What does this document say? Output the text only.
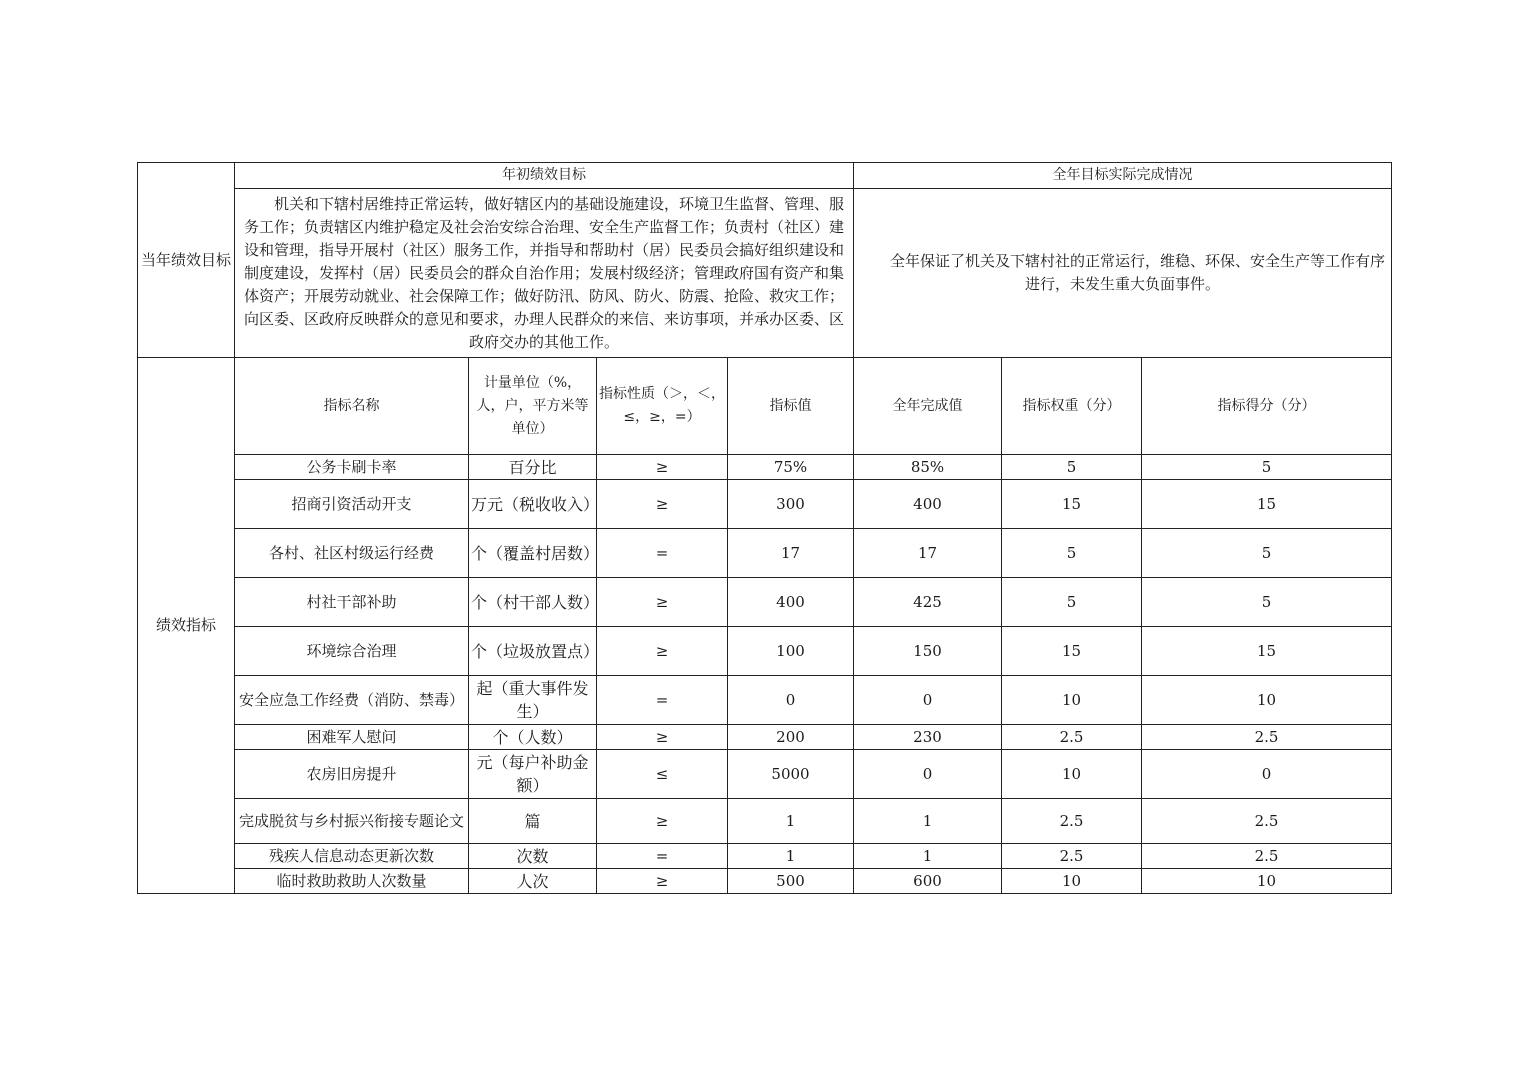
当年绩效目标	年初绩效目标				全年目标实际完成情况		
	机关和下辖村居维持正常运转，做好辖区内的基础设施建设，环境卫生监督、管理、服务工作；负责辖区内维护稳定及社会治安综合治理、安全生产监督工作；负责村（社区）建设和管理，指导开展村（社区）服务工作，并指导和帮助村（居）民委员会搞好组织建设和制度建设，发挥村（居）民委员会的群众自治作用；发展村级经济；管理政府国有资产和集体资产；开展劳动就业、社会保障工作；做好防汛、防风、防火、防震、抢险、救灾工作；向区委、区政府反映群众的意见和要求，办理人民群众的来信、来访事项，并承办区委、区政府交办的其他工作。				全年保证了机关及下辖村社的正常运行，维稳、环保、安全生产等工作有序进行，未发生重大负面事件。		
绩效指标	指标名称	计量单位（%，人，户，平方米等单位）	指标性质（＞，＜，≤，≥，=）	指标值	全年完成值	指标权重（分）	指标得分（分）
	公务卡刷卡率	百分比	≥	75%	85%	5	5
	招商引资活动开支	万元（税收收入）	≥	300	400	15	15
	各村、社区村级运行经费	个（覆盖村居数）	=	17	17	5	5
	村社干部补助	个（村干部人数）	≥	400	425	5	5
	环境综合治理	个（垃圾放置点）	≥	100	150	15	15
	安全应急工作经费（消防、禁毒）	起（重大事件发生）	=	0	0	10	10
	困难军人慰问	个（人数）	≥	200	230	2.5	2.5
	农房旧房提升	元（每户补助金额）	≤	5000	0	10	0
	完成脱贫与乡村振兴衔接专题论文	篇	≥	1	1	2.5	2.5
	残疾人信息动态更新次数	次数	=	1	1	2.5	2.5
	临时救助救助人次数量	人次	≥	500	600	10	10
